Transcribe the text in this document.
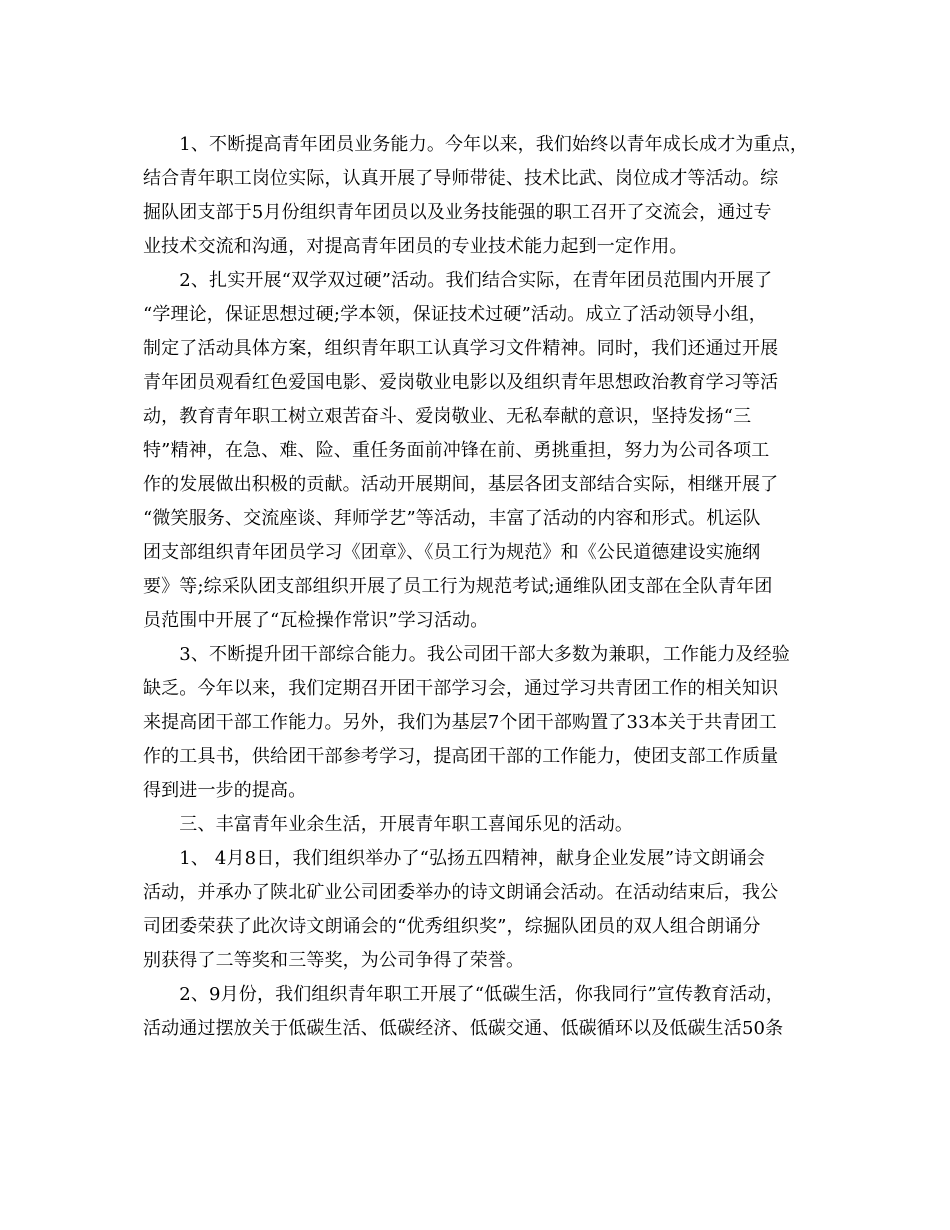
　　1、不断提高青年团员业务能力。今年以来，我们始终以青年成长成才为重点，
结合青年职工岗位实际，认真开展了导师带徒、技术比武、岗位成才等活动。综
掘队团支部于5月份组织青年团员以及业务技能强的职工召开了交流会，通过专
业技术交流和沟通，对提高青年团员的专业技术能力起到一定作用。
　　2、扎实开展“双学双过硬”活动。我们结合实际，在青年团员范围内开展了
“学理论，保证思想过硬;学本领，保证技术过硬”活动。成立了活动领导小组，
制定了活动具体方案，组织青年职工认真学习文件精神。同时，我们还通过开展
青年团员观看红色爱国电影、爱岗敬业电影以及组织青年思想政治教育学习等活
动，教育青年职工树立艰苦奋斗、爱岗敬业、无私奉献的意识，坚持发扬“三
特”精神，在急、难、险、重任务面前冲锋在前、勇挑重担，努力为公司各项工
作的发展做出积极的贡献。活动开展期间，基层各团支部结合实际，相继开展了
“微笑服务、交流座谈、拜师学艺”等活动，丰富了活动的内容和形式。机运队
团支部组织青年团员学习《团章》、《员工行为规范》和《公民道德建设实施纲
要》等;综采队团支部组织开展了员工行为规范考试;通维队团支部在全队青年团
员范围中开展了“瓦检操作常识”学习活动。
　　3、不断提升团干部综合能力。我公司团干部大多数为兼职，工作能力及经验
缺乏。今年以来，我们定期召开团干部学习会，通过学习共青团工作的相关知识
来提高团干部工作能力。另外，我们为基层7个团干部购置了33本关于共青团工
作的工具书，供给团干部参考学习，提高团干部的工作能力，使团支部工作质量
得到进一步的提高。
　　三、丰富青年业余生活，开展青年职工喜闻乐见的活动。
　　1、 4月8日，我们组织举办了“弘扬五四精神，献身企业发展”诗文朗诵会
活动，并承办了陕北矿业公司团委举办的诗文朗诵会活动。在活动结束后，我公
司团委荣获了此次诗文朗诵会的“优秀组织奖”，综掘队团员的双人组合朗诵分
别获得了二等奖和三等奖，为公司争得了荣誉。
　　2、9月份，我们组织青年职工开展了“低碳生活，你我同行”宣传教育活动，
活动通过摆放关于低碳生活、低碳经济、低碳交通、低碳循环以及低碳生活50条
